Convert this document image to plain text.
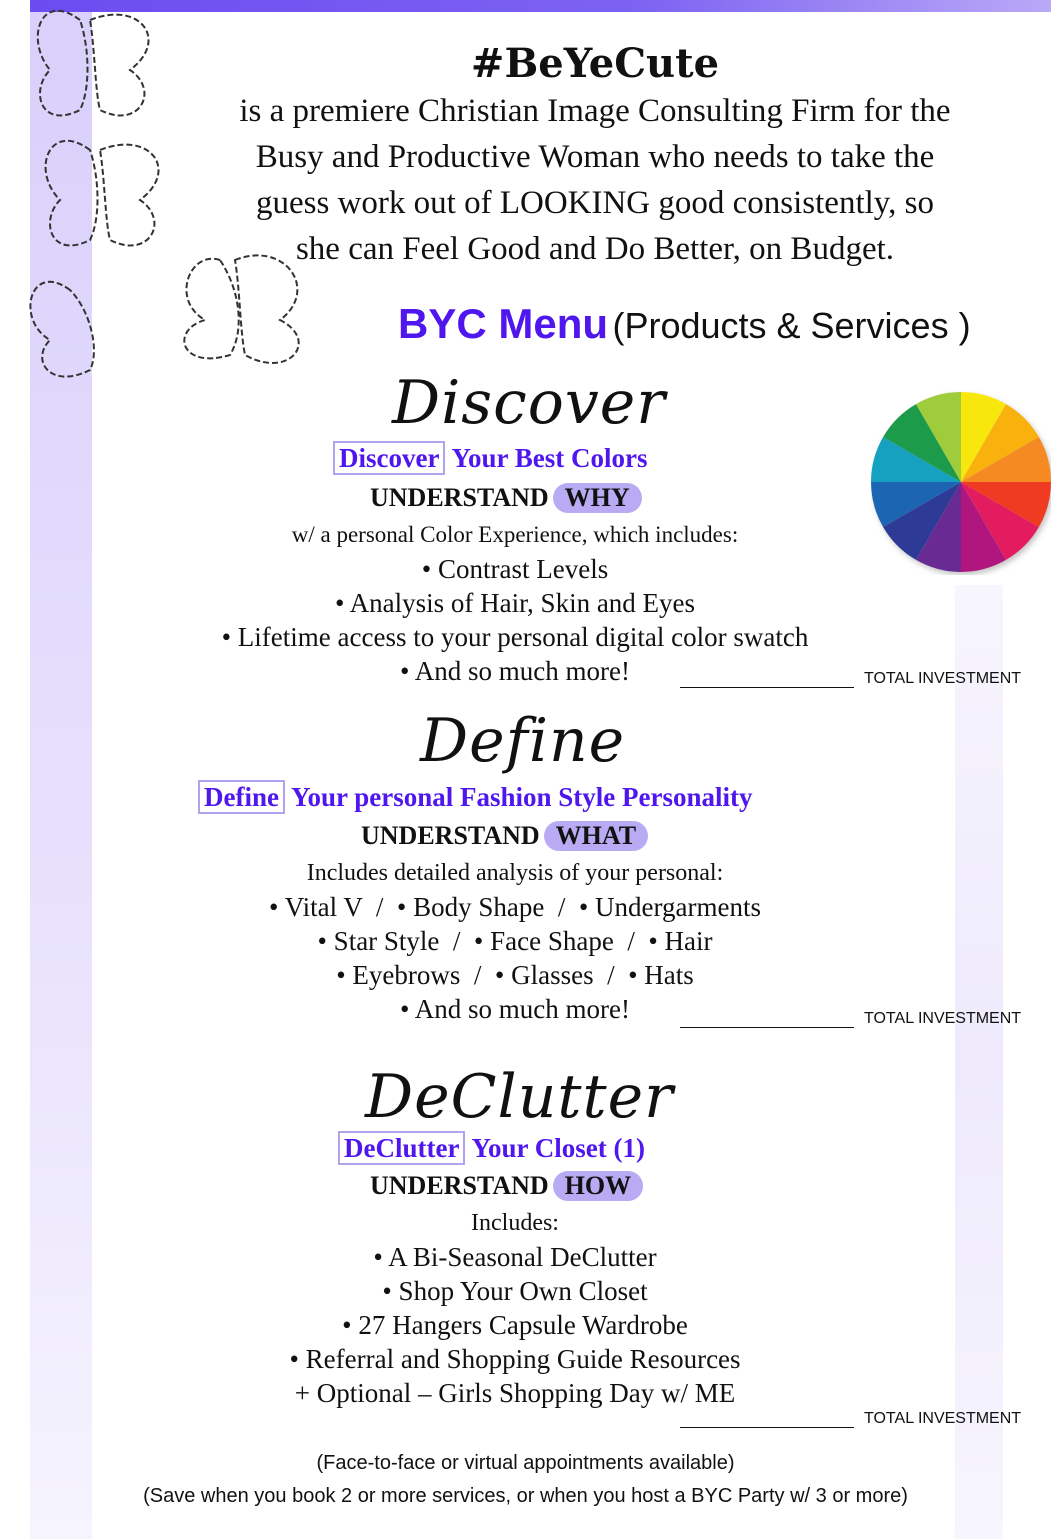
#BeYeCute
is a premiere Christian Image Consulting Firm for the
Busy and Productive Woman who needs to take the
guess work out of LOOKING good consistently, so
she can Feel Good and Do Better, on Budget.
BYC Menu (Products & Services )
Discover
Discover Your Best Colors
UNDERSTAND WHY
w/ a personal Color Experience, which includes:
• Contrast Levels
• Analysis of Hair, Skin and Eyes
• Lifetime access to your personal digital color swatch
• And so much more!	TOTAL INVESTMENT
Define
Define Your personal Fashion Style Personality
UNDERSTAND WHAT
Includes detailed analysis of your personal:
• Vital V  /  • Body Shape  /  • Undergarments
• Star Style  /  • Face Shape  /  • Hair
• Eyebrows  /  • Glasses  /  • Hats
• And so much more!	TOTAL INVESTMENT
DeClutter
DeClutter Your Closet (1)
UNDERSTAND HOW
Includes:
• A Bi-Seasonal DeClutter
• Shop Your Own Closet
• 27 Hangers Capsule Wardrobe
• Referral and Shopping Guide Resources
+ Optional – Girls Shopping Day w/ ME
TOTAL INVESTMENT
(Face-to-face or virtual appointments available)
(Save when you book 2 or more services, or when you host a BYC Party w/ 3 or more)
